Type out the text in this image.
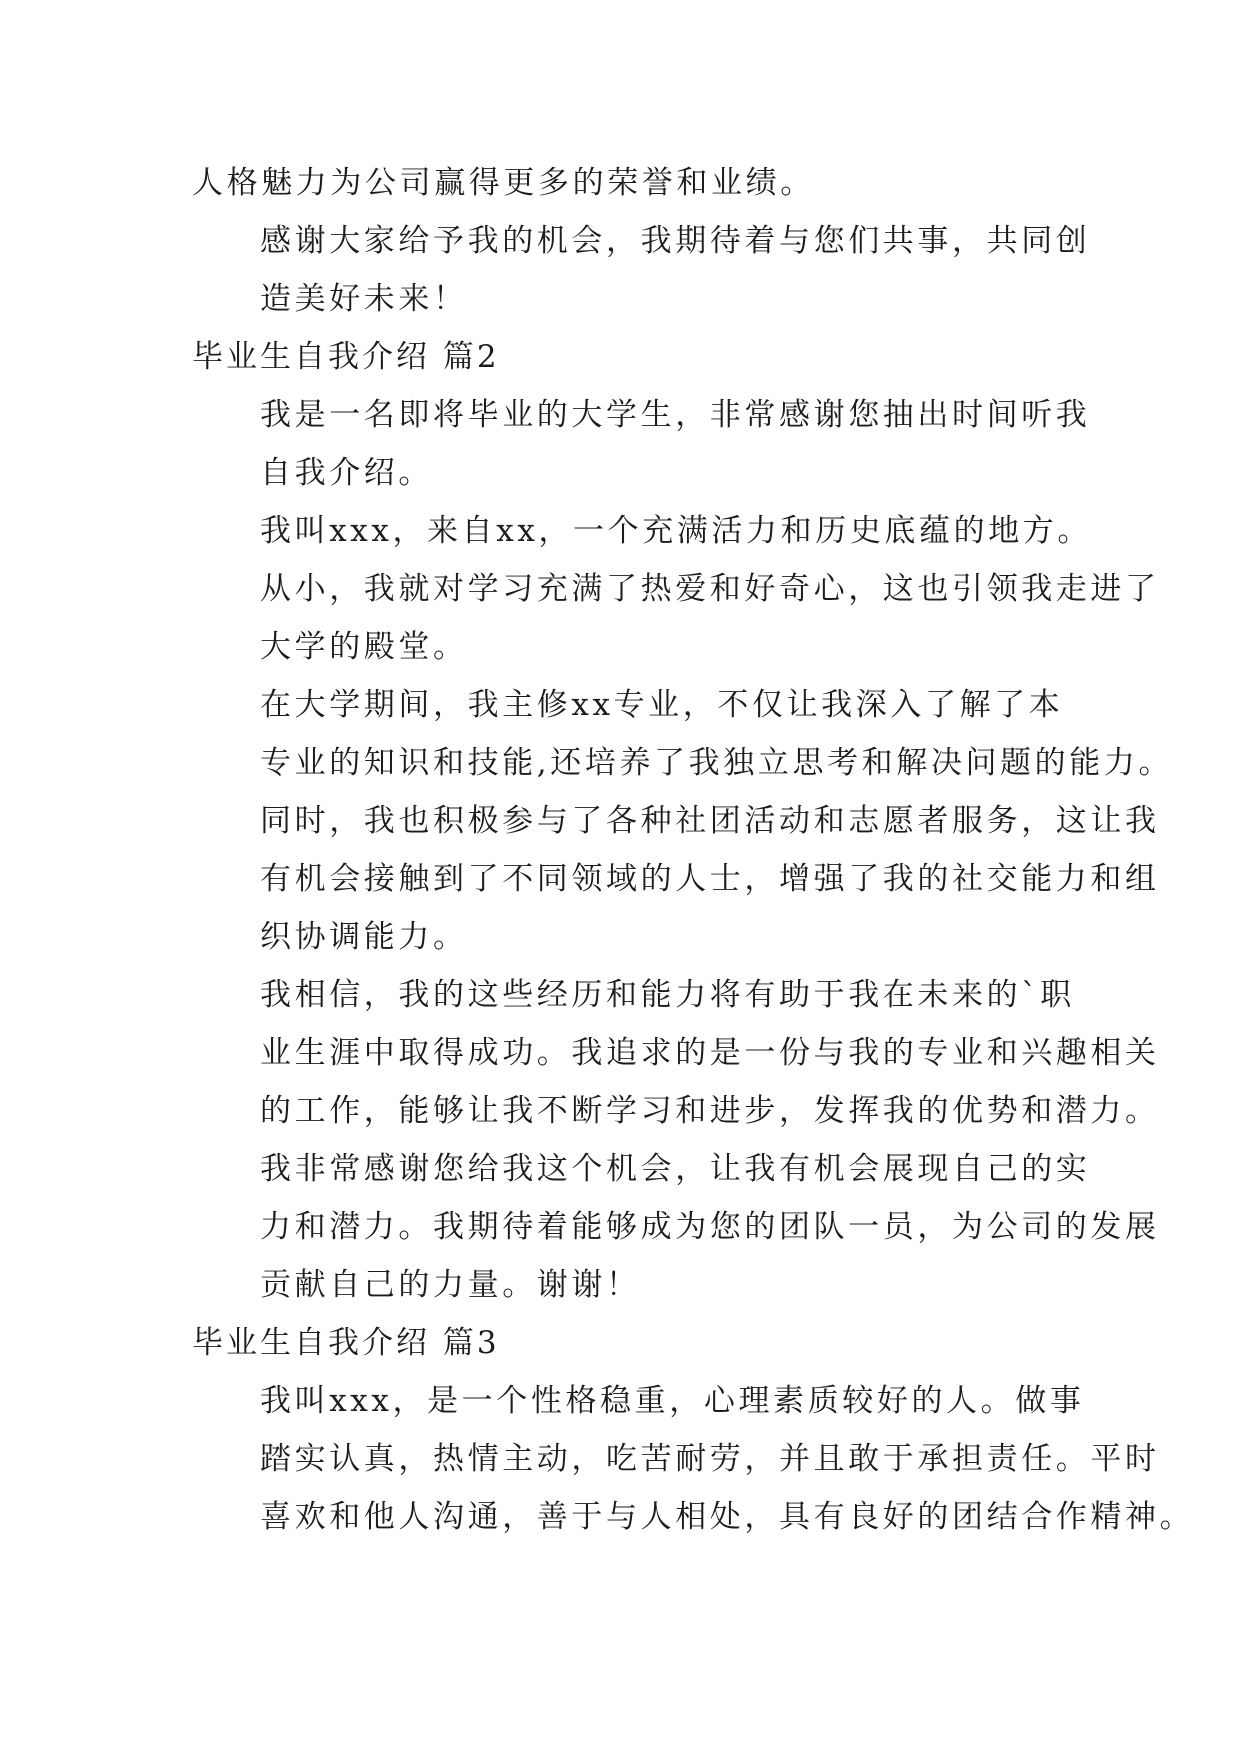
人格魅力为公司赢得更多的荣誉和业绩。

感谢大家给予我的机会，我期待着与您们共事，共同创
造美好未来！

毕业生自我介绍 篇2

我是一名即将毕业的大学生，非常感谢您抽出时间听我
自我介绍。

我叫xxx，来自xx，一个充满活力和历史底蕴的地方。
从小，我就对学习充满了热爱和好奇心，这也引领我走进了
大学的殿堂。

在大学期间，我主修xx专业，不仅让我深入了解了本
专业的知识和技能,还培养了我独立思考和解决问题的能力。
同时，我也积极参与了各种社团活动和志愿者服务，这让我
有机会接触到了不同领域的人士，增强了我的社交能力和组
织协调能力。

我相信，我的这些经历和能力将有助于我在未来的`职
业生涯中取得成功。我追求的是一份与我的专业和兴趣相关
的工作，能够让我不断学习和进步，发挥我的优势和潜力。

我非常感谢您给我这个机会，让我有机会展现自己的实
力和潜力。我期待着能够成为您的团队一员，为公司的发展
贡献自己的力量。谢谢！

毕业生自我介绍 篇3

我叫xxx，是一个性格稳重，心理素质较好的人。做事
踏实认真，热情主动，吃苦耐劳，并且敢于承担责任。平时
喜欢和他人沟通，善于与人相处，具有良好的团结合作精神。
